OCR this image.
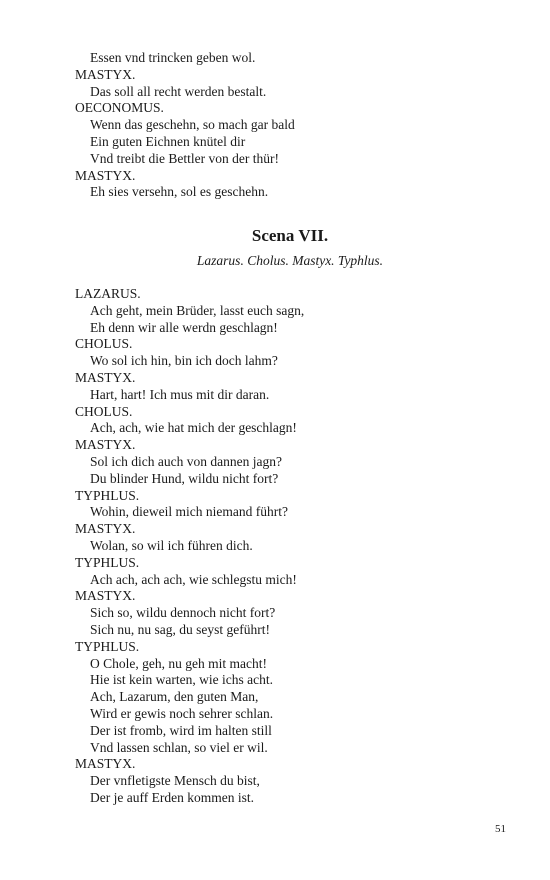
Essen vnd trincken geben wol.
MASTYX.
Das soll all recht werden bestalt.
OECONOMUS.
Wenn das geschehn, so mach gar bald
Ein guten Eichnen knütel dir
Vnd treibt die Bettler von der thür!
MASTYX.
Eh sies versehn, sol es geschehn.
Scena VII.
Lazarus. Cholus. Mastyx. Typhlus.
LAZARUS.
Ach geht, mein Brüder, lasst euch sagn,
Eh denn wir alle werdn geschlagn!
CHOLUS.
Wo sol ich hin, bin ich doch lahm?
MASTYX.
Hart, hart! Ich mus mit dir daran.
CHOLUS.
Ach, ach, wie hat mich der geschlagn!
MASTYX.
Sol ich dich auch von dannen jagn?
Du blinder Hund, wildu nicht fort?
TYPHLUS.
Wohin, dieweil mich niemand führt?
MASTYX.
Wolan, so wil ich führen dich.
TYPHLUS.
Ach ach, ach ach, wie schlegstu mich!
MASTYX.
Sich so, wildu dennoch nicht fort?
Sich nu, nu sag, du seyst geführt!
TYPHLUS.
O Chole, geh, nu geh mit macht!
Hie ist kein warten, wie ichs acht.
Ach, Lazarum, den guten Man,
Wird er gewis noch sehrer schlan.
Der ist fromb, wird im halten still
Vnd lassen schlan, so viel er wil.
MASTYX.
Der vnfletigste Mensch du bist,
Der je auff Erden kommen ist.
51
